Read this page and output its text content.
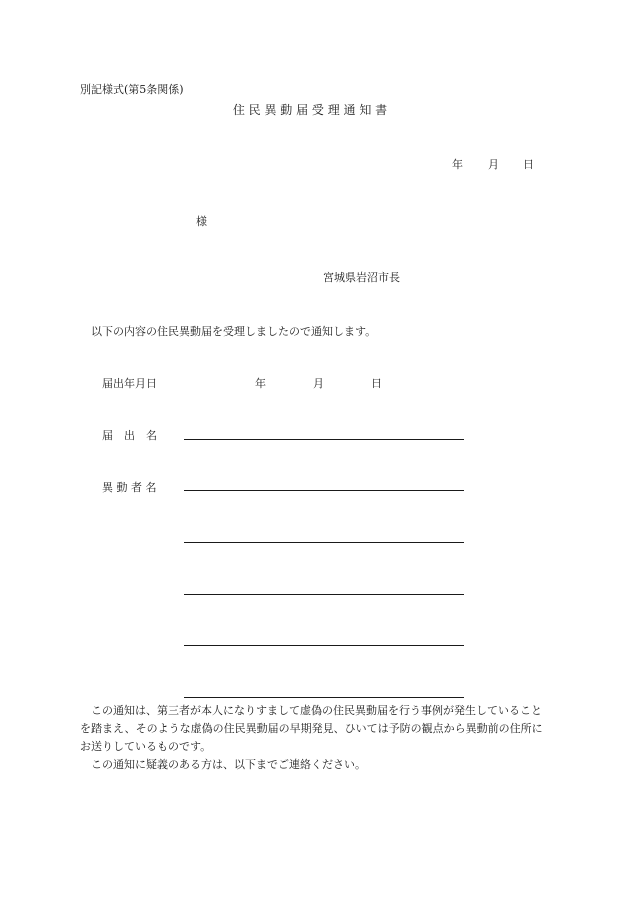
別記様式(第5条関係)
住 民 異 動 届 受 理 通 知 書
年 月 日
様
宮城県岩沼市長
以下の内容の住民異動届を受理しましたので通知します。
届出年月日	年	月	日
届　出　名
異 動 者 名

この通知は、第三者が本人になりすまして虚偽の住民異動届を行う事例が発生していることを踏まえ、そのような虚偽の住民異動届の早期発見、ひいては予防の観点から異動前の住所にお送りしているものです。

この通知に疑義のある方は、以下までご連絡ください。
